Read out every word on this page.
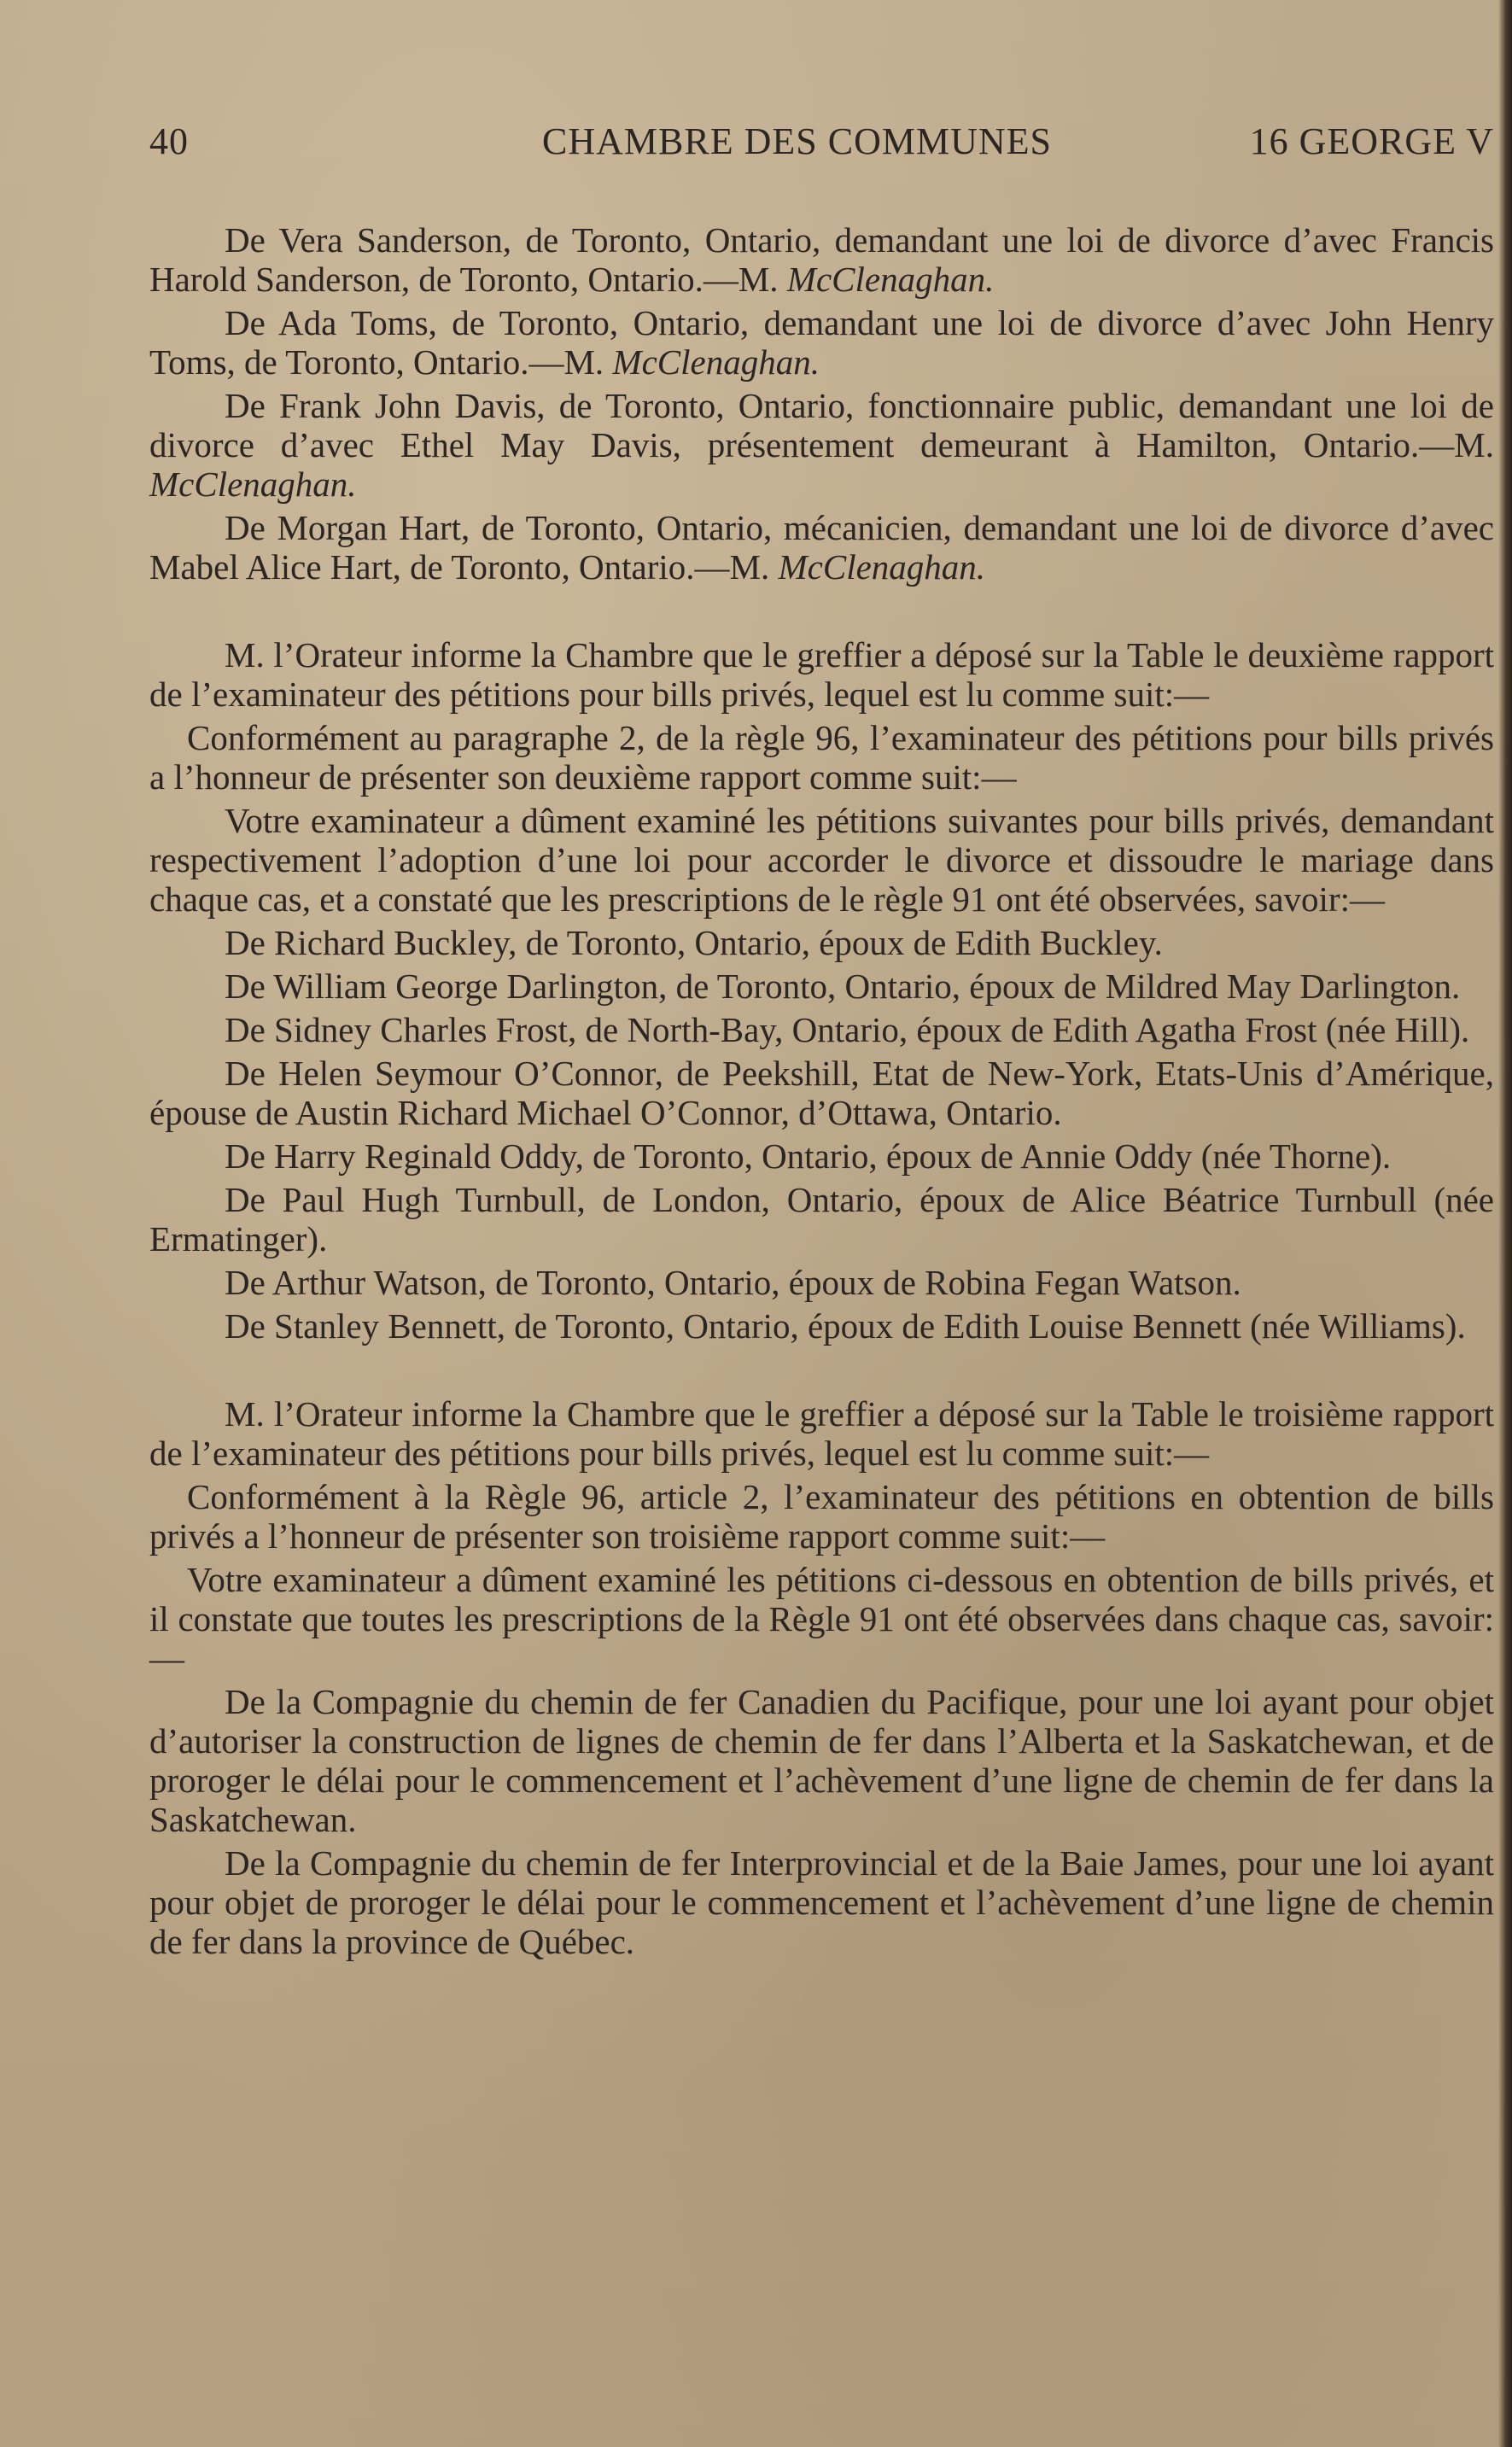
40	CHAMBRE DES COMMUNES	16 GEORGE V

De Vera Sanderson, de Toronto, Ontario, demandant une loi de divorce d’avec Francis Harold Sanderson, de Toronto, Ontario.—M. McClenaghan.

De Ada Toms, de Toronto, Ontario, demandant une loi de divorce d’avec John Henry Toms, de Toronto, Ontario.—M. McClenaghan.

De Frank John Davis, de Toronto, Ontario, fonctionnaire public, demandant une loi de divorce d’avec Ethel May Davis, présentement demeurant à Hamilton, Ontario.—M. McClenaghan.

De Morgan Hart, de Toronto, Ontario, mécanicien, demandant une loi de divorce d’avec Mabel Alice Hart, de Toronto, Ontario.—M. McClenaghan.

M. l’Orateur informe la Chambre que le greffier a déposé sur la Table le deuxième rapport de l’examinateur des pétitions pour bills privés, lequel est lu comme suit:—

Conformément au paragraphe 2, de la règle 96, l’examinateur des pétitions pour bills privés a l’honneur de présenter son deuxième rapport comme suit:—

Votre examinateur a dûment examiné les pétitions suivantes pour bills privés, demandant respectivement l’adoption d’une loi pour accorder le divorce et dissoudre le mariage dans chaque cas, et a constaté que les prescriptions de le règle 91 ont été observées, savoir:—

De Richard Buckley, de Toronto, Ontario, époux de Edith Buckley.

De William George Darlington, de Toronto, Ontario, époux de Mildred May Darlington.

De Sidney Charles Frost, de North-Bay, Ontario, époux de Edith Agatha Frost (née Hill).

De Helen Seymour O’Connor, de Peekshill, Etat de New-York, Etats-Unis d’Amérique, épouse de Austin Richard Michael O’Connor, d’Ottawa, Ontario.

De Harry Reginald Oddy, de Toronto, Ontario, époux de Annie Oddy (née Thorne).

De Paul Hugh Turnbull, de London, Ontario, époux de Alice Béatrice Turnbull (née Ermatinger).

De Arthur Watson, de Toronto, Ontario, époux de Robina Fegan Watson.

De Stanley Bennett, de Toronto, Ontario, époux de Edith Louise Bennett (née Williams).

M. l’Orateur informe la Chambre que le greffier a déposé sur la Table le troisième rapport de l’examinateur des pétitions pour bills privés, lequel est lu comme suit:—

Conformément à la Règle 96, article 2, l’examinateur des pétitions en obtention de bills privés a l’honneur de présenter son troisième rapport comme suit:—

Votre examinateur a dûment examiné les pétitions ci-dessous en obtention de bills privés, et il constate que toutes les prescriptions de la Règle 91 ont été observées dans chaque cas, savoir:—

De la Compagnie du chemin de fer Canadien du Pacifique, pour une loi ayant pour objet d’autoriser la construction de lignes de chemin de fer dans l’Alberta et la Saskatchewan, et de proroger le délai pour le commencement et l’achèvement d’une ligne de chemin de fer dans la Saskatchewan.

De la Compagnie du chemin de fer Interprovincial et de la Baie James, pour une loi ayant pour objet de proroger le délai pour le commencement et l’achèvement d’une ligne de chemin de fer dans la province de Québec.
